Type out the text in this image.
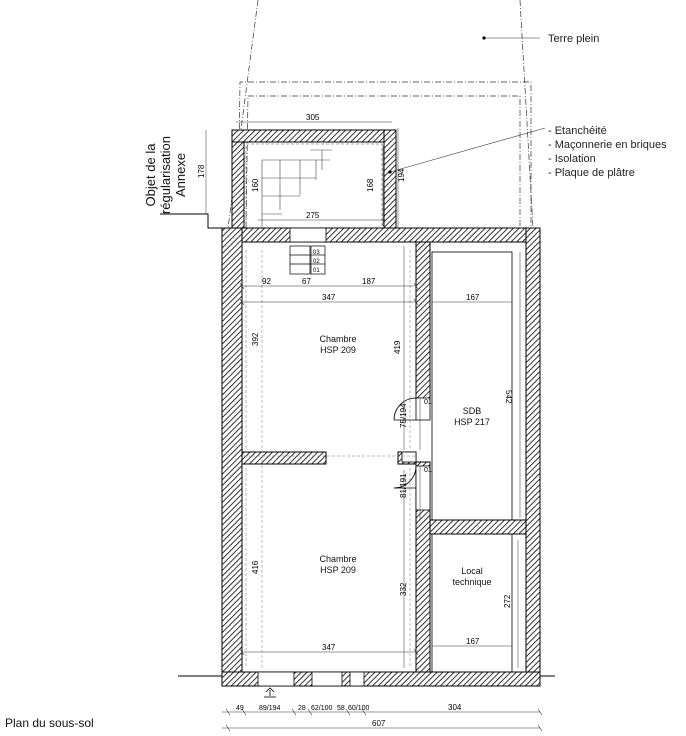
03
02
01
305
178
160	168
194
275
92	67	187
347	167
392
419
542
75/194
81/191
01
01
416
332
272
167
347
49 89/194	28 62/100 58 60/100	304
607
Terre plein
- Etanchéité
- Maçonnerie en briques
- Isolation
- Plaque de plâtre
Objet de la régularisation Annexe
Chambre
HSP 209
Chambre
HSP 209
SDB
HSP 217
Local
technique
Plan du sous-sol
